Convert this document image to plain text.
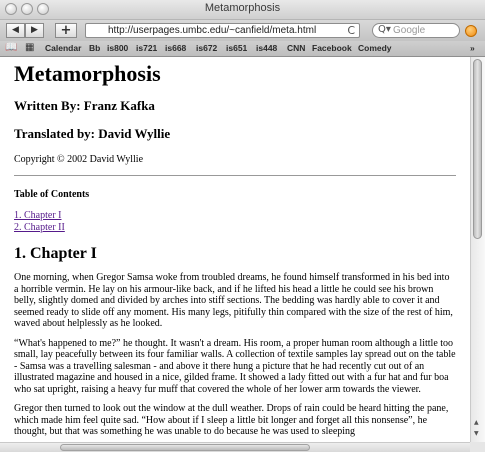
Metamorphosis
◀ ▶ +	http://userpages.umbc.edu/~canfield/meta.html	C Q▾ Google
📖 ▦ Calendar Bb is800 is721 is668 is672 is651 is448 CNN Facebook Comedy	»
Metamorphosis
Written By: Franz Kafka
Translated by: David Wyllie
Copyright © 2002 David Wyllie
Table of Contents
1. Chapter I
2. Chapter II
1. Chapter I

One morning, when Gregor Samsa woke from troubled dreams, he found himself transformed in his bed into a horrible vermin. He lay on his armour-like back, and if he lifted his head a little he could see his brown belly, slightly domed and divided by arches into stiff sections. The bedding was hardly able to cover it and seemed ready to slide off any moment. His many legs, pitifully thin compared with the size of the rest of him, waved about helplessly as he looked.

“What's happened to me?” he thought. It wasn't a dream. His room, a proper human room although a little too small, lay peacefully between its four familiar walls. A collection of textile samples lay spread out on the table - Samsa was a travelling salesman - and above it there hung a picture that he had recently cut out of an illustrated magazine and housed in a nice, gilded frame. It showed a lady fitted out with a fur hat and fur boa who sat upright, raising a heavy fur muff that covered the whole of her lower arm towards the viewer.

Gregor then turned to look out the window at the dull weather. Drops of rain could be heard hitting the pane, which made him feel quite sad. “How about if I sleep a little bit longer and forget all this nonsense”, he thought, but that was something he was unable to do because he was used to sleeping

▲
▼
